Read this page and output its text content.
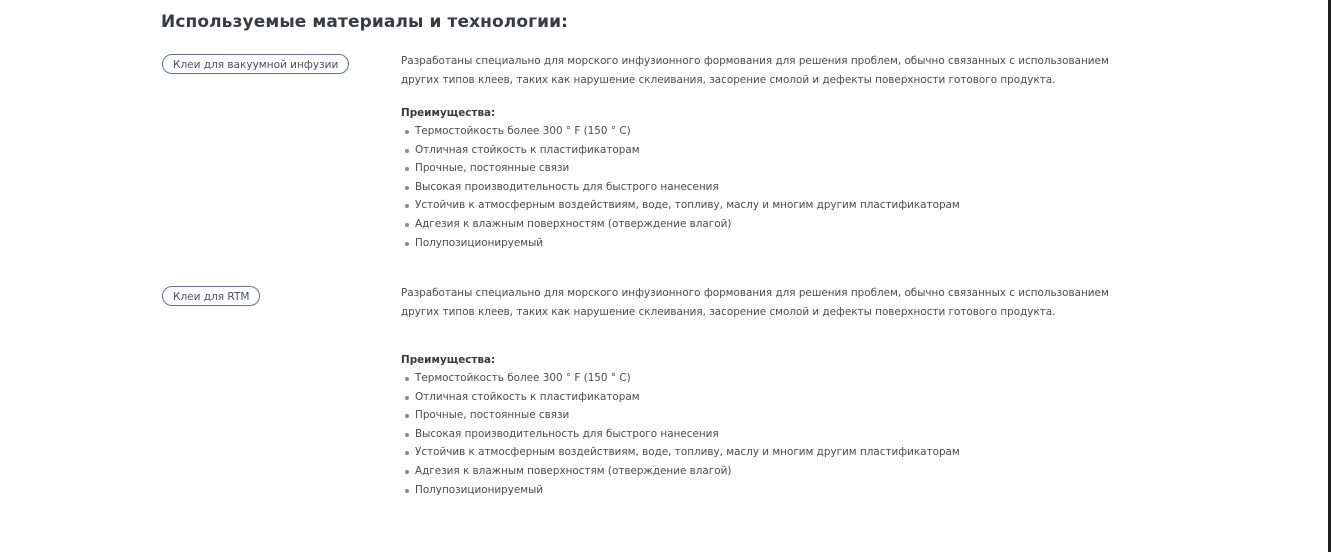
Используемые материалы и технологии:
Клеи для вакуумной инфузии	Разработаны специально для морского инфузионного формования для решения проблем, обычно связанных с использованием
других типов клеев, таких как нарушение склеивания, засорение смолой и дефекты поверхности готового продукта.

Преимущества:

Термостойкость более 300 ° F (150 ° C)
Отличная стойкость к пластификаторам
Прочные, постоянные связи
Высокая производительность для быстрого нанесения
Устойчив к атмосферным воздействиям, воде, топливу, маслу и многим другим пластификаторам
Адгезия к влажным поверхностям (отверждение влагой)
Полупозиционируемый
Клеи для RTM	Разработаны специально для морского инфузионного формования для решения проблем, обычно связанных с использованием
других типов клеев, таких как нарушение склеивания, засорение смолой и дефекты поверхности готового продукта.

Преимущества:

Термостойкость более 300 ° F (150 ° C)
Отличная стойкость к пластификаторам
Прочные, постоянные связи
Высокая производительность для быстрого нанесения
Устойчив к атмосферным воздействиям, воде, топливу, маслу и многим другим пластификаторам
Адгезия к влажным поверхностям (отверждение влагой)
Полупозиционируемый
